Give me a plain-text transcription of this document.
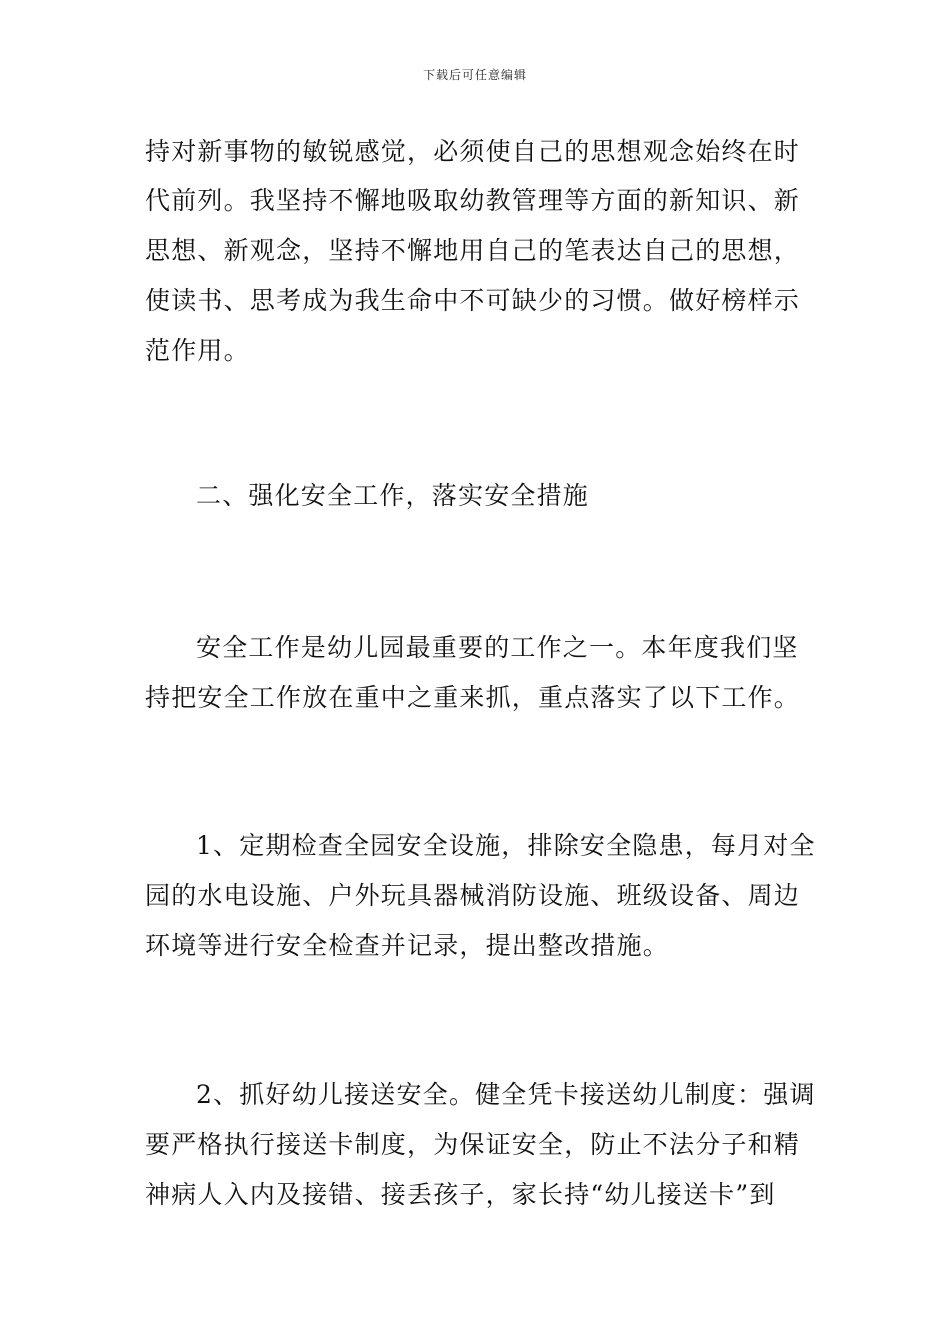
下载后可任意编辑
持对新事物的敏锐感觉，必须使自己的思想观念始终在时
代前列。我坚持不懈地吸取幼教管理等方面的新知识、新
思想、新观念，坚持不懈地用自己的笔表达自己的思想，
使读书、思考成为我生命中不可缺少的习惯。做好榜样示
范作用。
二、强化安全工作，落实安全措施
安全工作是幼儿园最重要的工作之一。本年度我们坚
持把安全工作放在重中之重来抓，重点落实了以下工作。
1、定期检查全园安全设施，排除安全隐患，每月对全
园的水电设施、户外玩具器械消防设施、班级设备、周边
环境等进行安全检查并记录，提出整改措施。
2、抓好幼儿接送安全。健全凭卡接送幼儿制度：强调
要严格执行接送卡制度，为保证安全，防止不法分子和精
神病人入内及接错、接丢孩子，家长持“幼儿接送卡”到
